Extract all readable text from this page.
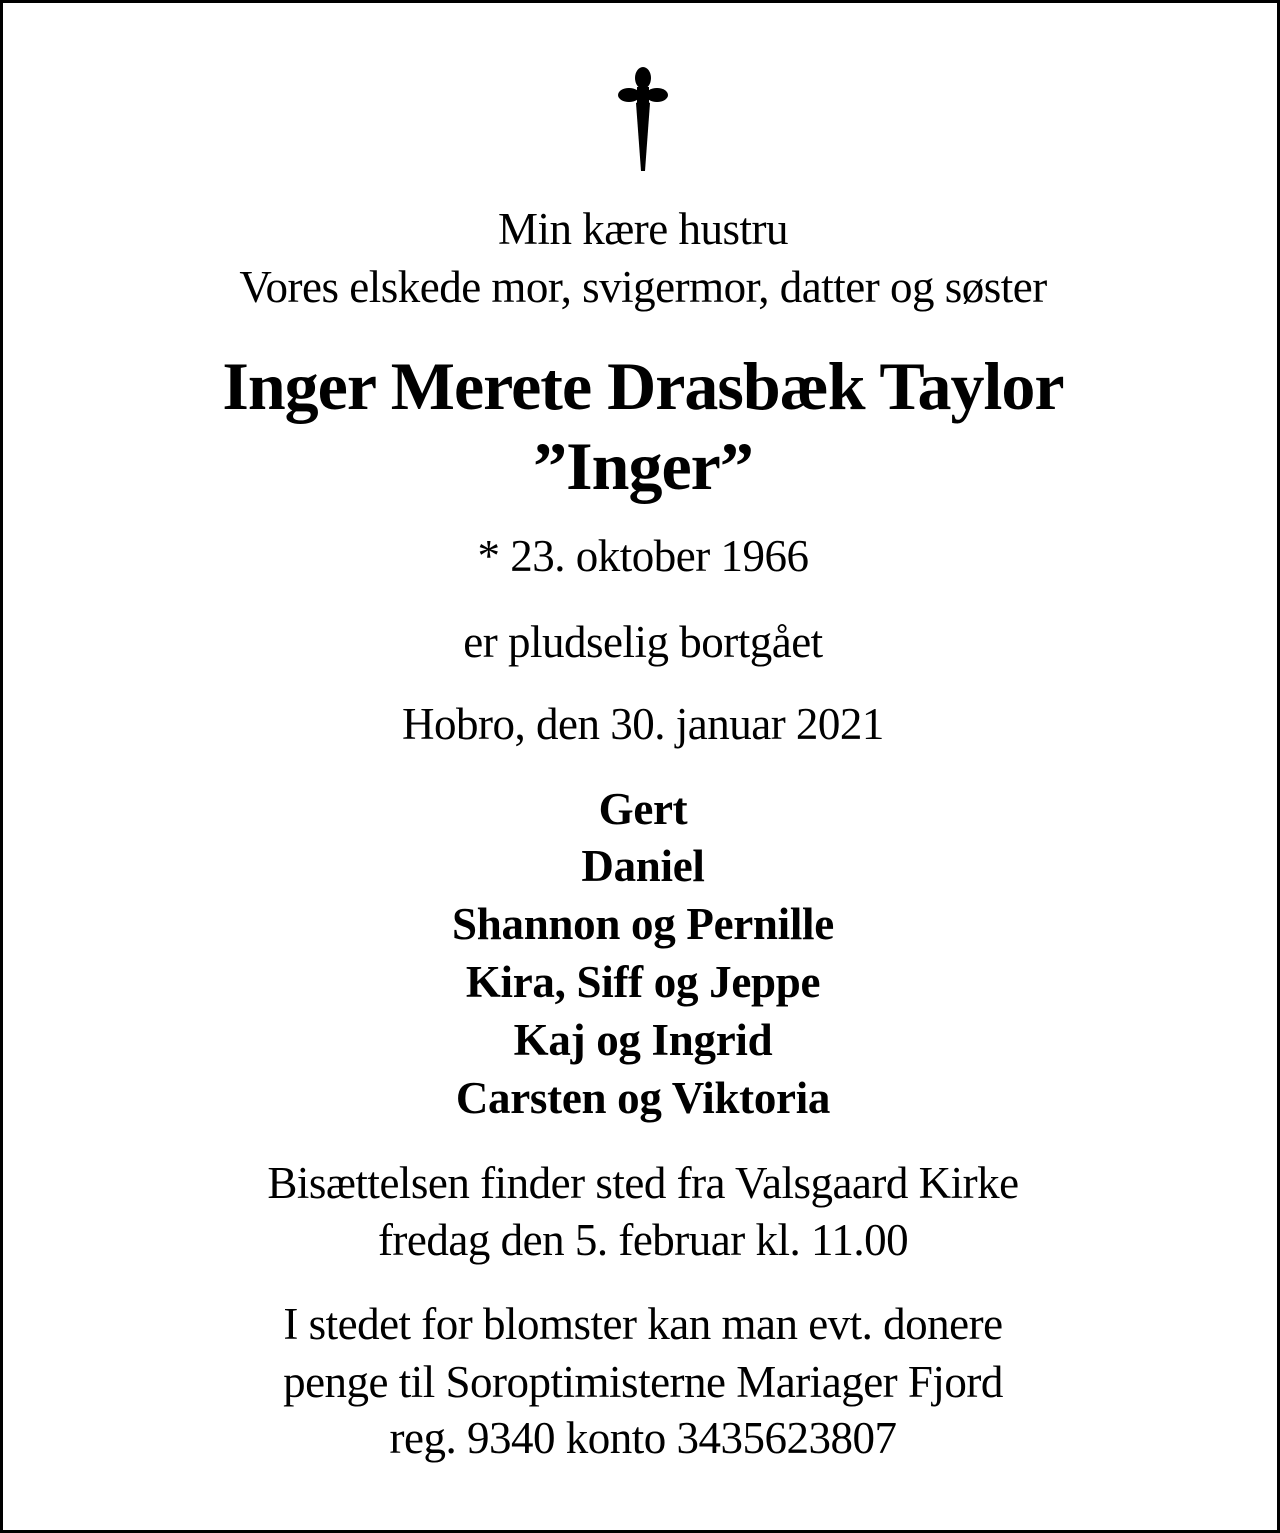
Min kære hustru
Vores elskede mor, svigermor, datter og søster
Inger Merete Drasbæk Taylor
”Inger”
* 23. oktober 1966
er pludselig bortgået
Hobro, den 30. januar 2021
Gert
Daniel
Shannon og Pernille
Kira, Siff og Jeppe
Kaj og Ingrid
Carsten og Viktoria
Bisættelsen finder sted fra Valsgaard Kirke
fredag den 5. februar kl. 11.00
I stedet for blomster kan man evt. donere
penge til Soroptimisterne Mariager Fjord
reg. 9340 konto 3435623807
